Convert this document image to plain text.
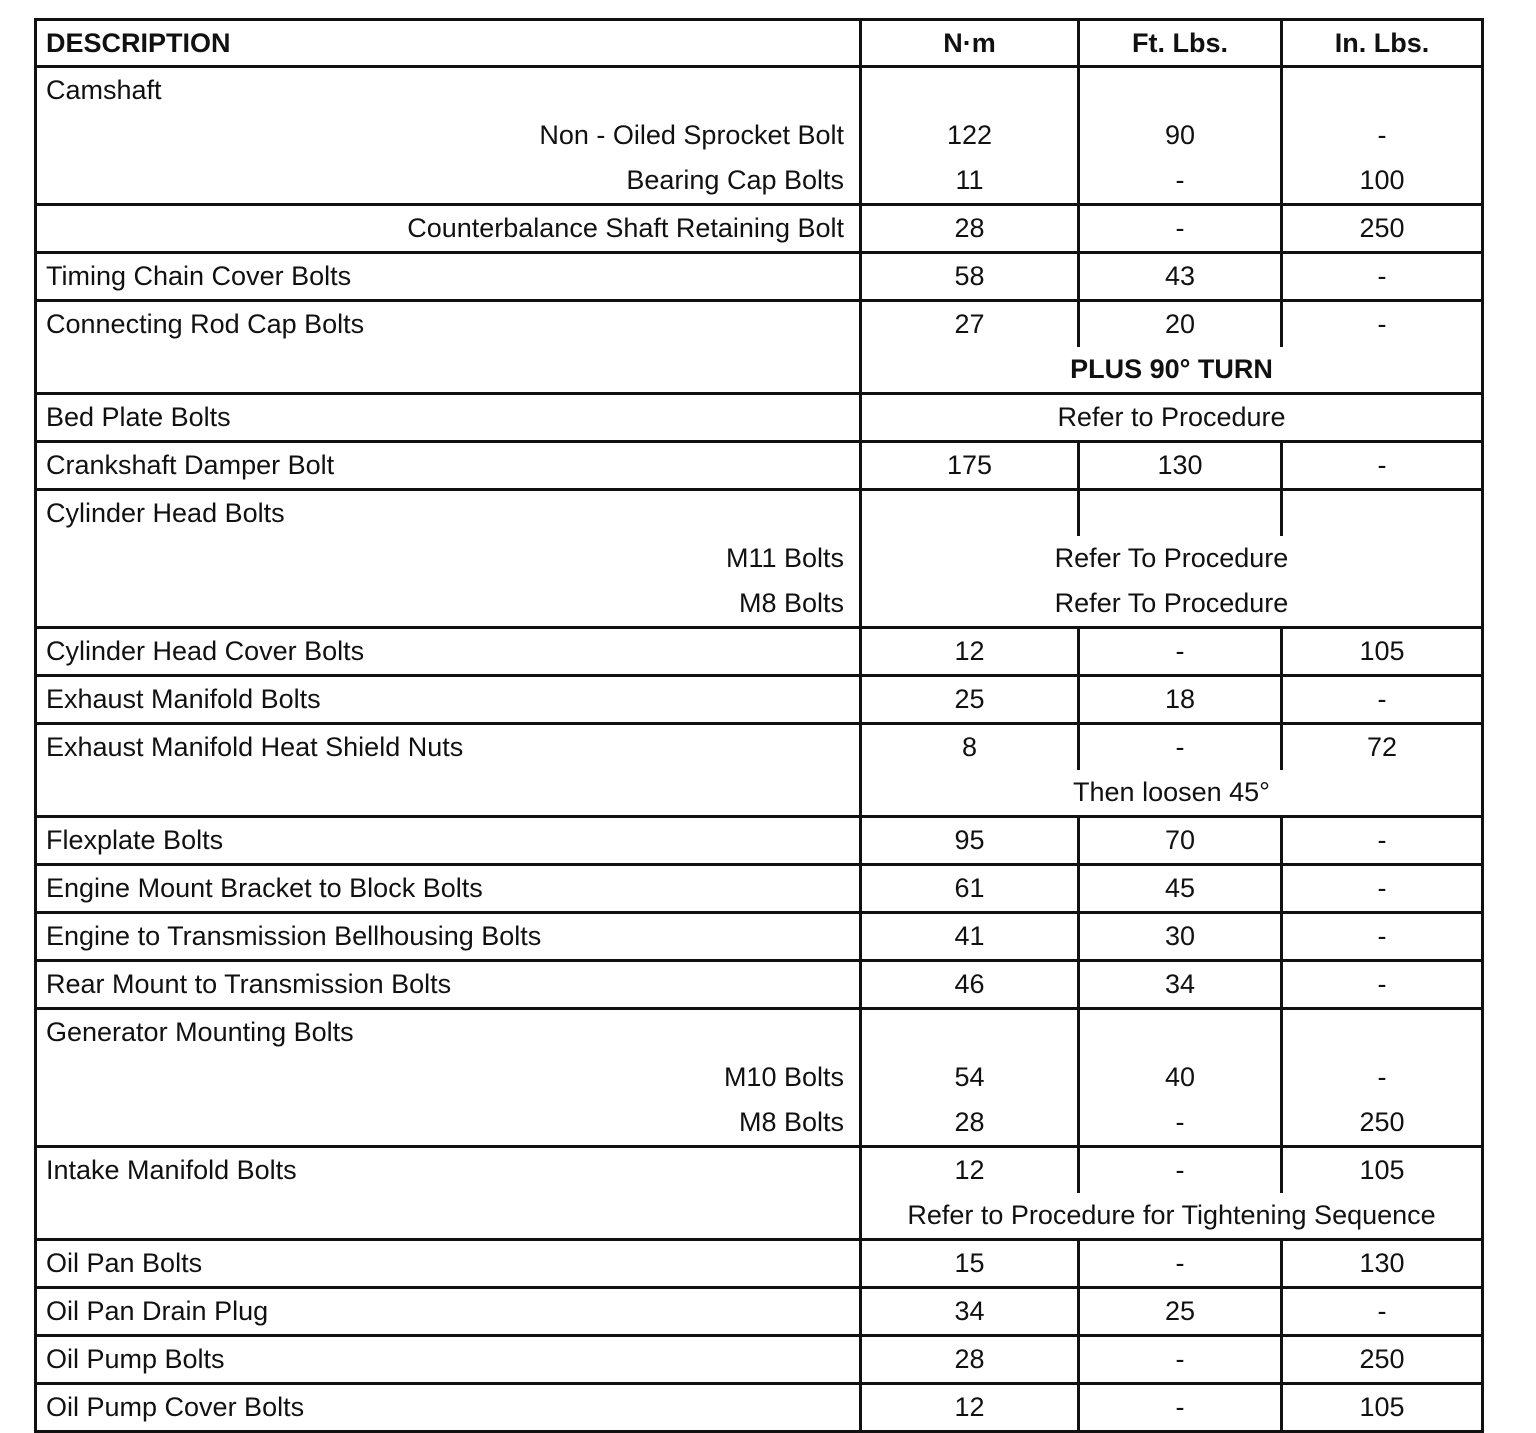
DESCRIPTION	N·m	Ft. Lbs.	In. Lbs.
Camshaft			
Non - Oiled Sprocket Bolt	122	90	-
Bearing Cap Bolts	11	-	100
Counterbalance Shaft Retaining Bolt	28	-	250
Timing Chain Cover Bolts	58	43	-
Connecting Rod Cap Bolts	27	20	-
	PLUS 90° TURN		
Bed Plate Bolts	Refer to Procedure		
Crankshaft Damper Bolt	175	130	-
Cylinder Head Bolts			
M11 Bolts	Refer To Procedure		
M8 Bolts	Refer To Procedure		
Cylinder Head Cover Bolts	12	-	105
Exhaust Manifold Bolts	25	18	-
Exhaust Manifold Heat Shield Nuts	8	-	72
	Then loosen 45°		
Flexplate Bolts	95	70	-
Engine Mount Bracket to Block Bolts	61	45	-
Engine to Transmission Bellhousing Bolts	41	30	-
Rear Mount to Transmission Bolts	46	34	-
Generator Mounting Bolts			
M10 Bolts	54	40	-
M8 Bolts	28	-	250
Intake Manifold Bolts	12	-	105
	Refer to Procedure for Tightening Sequence		
Oil Pan Bolts	15	-	130
Oil Pan Drain Plug	34	25	-
Oil Pump Bolts	28	-	250
Oil Pump Cover Bolts	12	-	105
